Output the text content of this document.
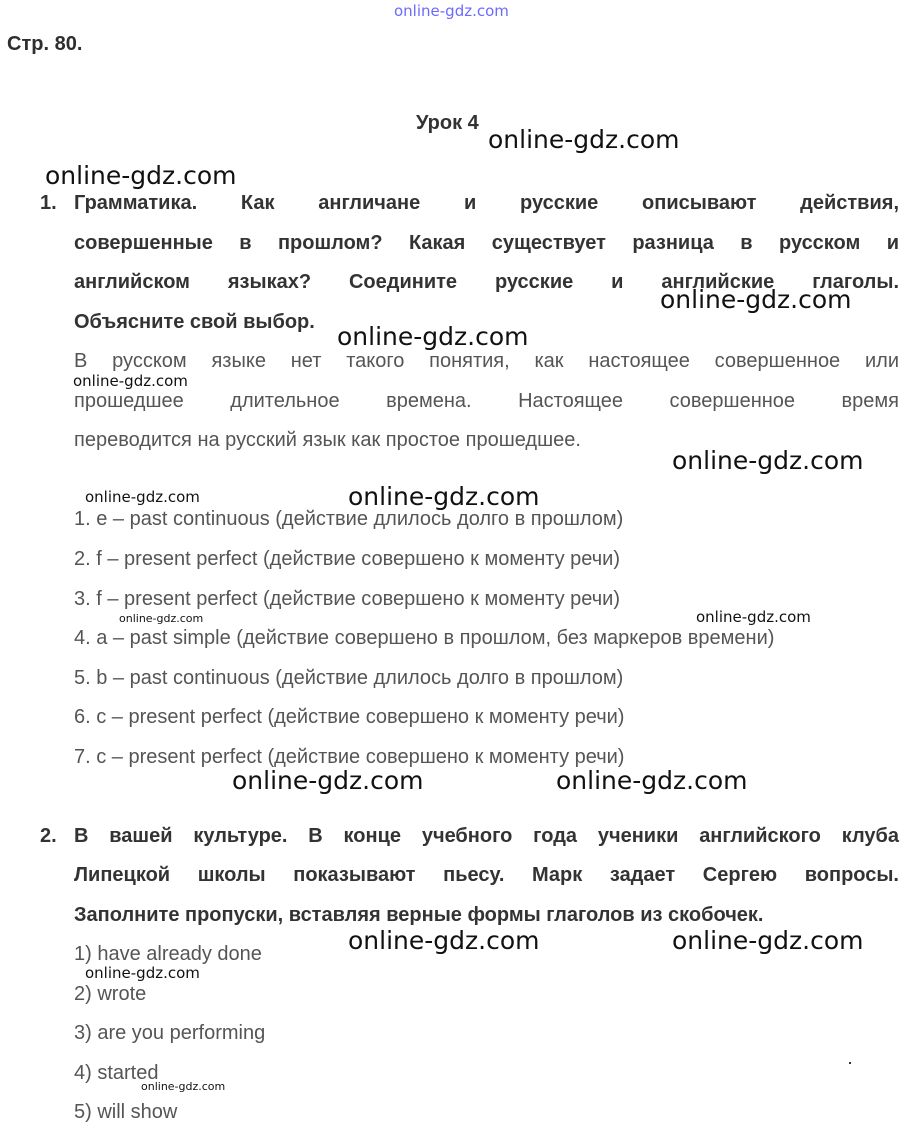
online-gdz.com
Стр. 80.
Урок 4
1. Грамматика. Как англичане и русские описывают действия,
совершенные в прошлом? Какая существует разница в русском и
английском языках? Соедините русские и английские глаголы.
Объясните свой выбор.
В русском языке нет такого понятия, как настоящее совершенное или
прошедшее длительное времена. Настоящее совершенное время
переводится на русский язык как простое прошедшее.
1. e – past continuous (действие длилось долго в прошлом)
2. f – present perfect (действие совершено к моменту речи)
3. f – present perfect (действие совершено к моменту речи)
4. a – past simple (действие совершено в прошлом, без маркеров времени)
5. b – past continuous (действие длилось долго в прошлом)
6. c – present perfect (действие совершено к моменту речи)
7. c – present perfect (действие совершено к моменту речи)
2. В вашей культуре. В конце учебного года ученики английского клуба
Липецкой школы показывают пьесу. Марк задает Сергею вопросы.
Заполните пропуски, вставляя верные формы глаголов из скобочек.
1) have already done
2) wrote
3) are you performing
4) started
5) will show
online-gdz.com
online-gdz.com
online-gdz.com
online-gdz.com
online-gdz.com
online-gdz.com
online-gdz.com	online-gdz.com
online-gdz.com
online-gdz.com
online-gdz.com	online-gdz.com
online-gdz.com	online-gdz.com
online-gdz.com
online-gdz.com
